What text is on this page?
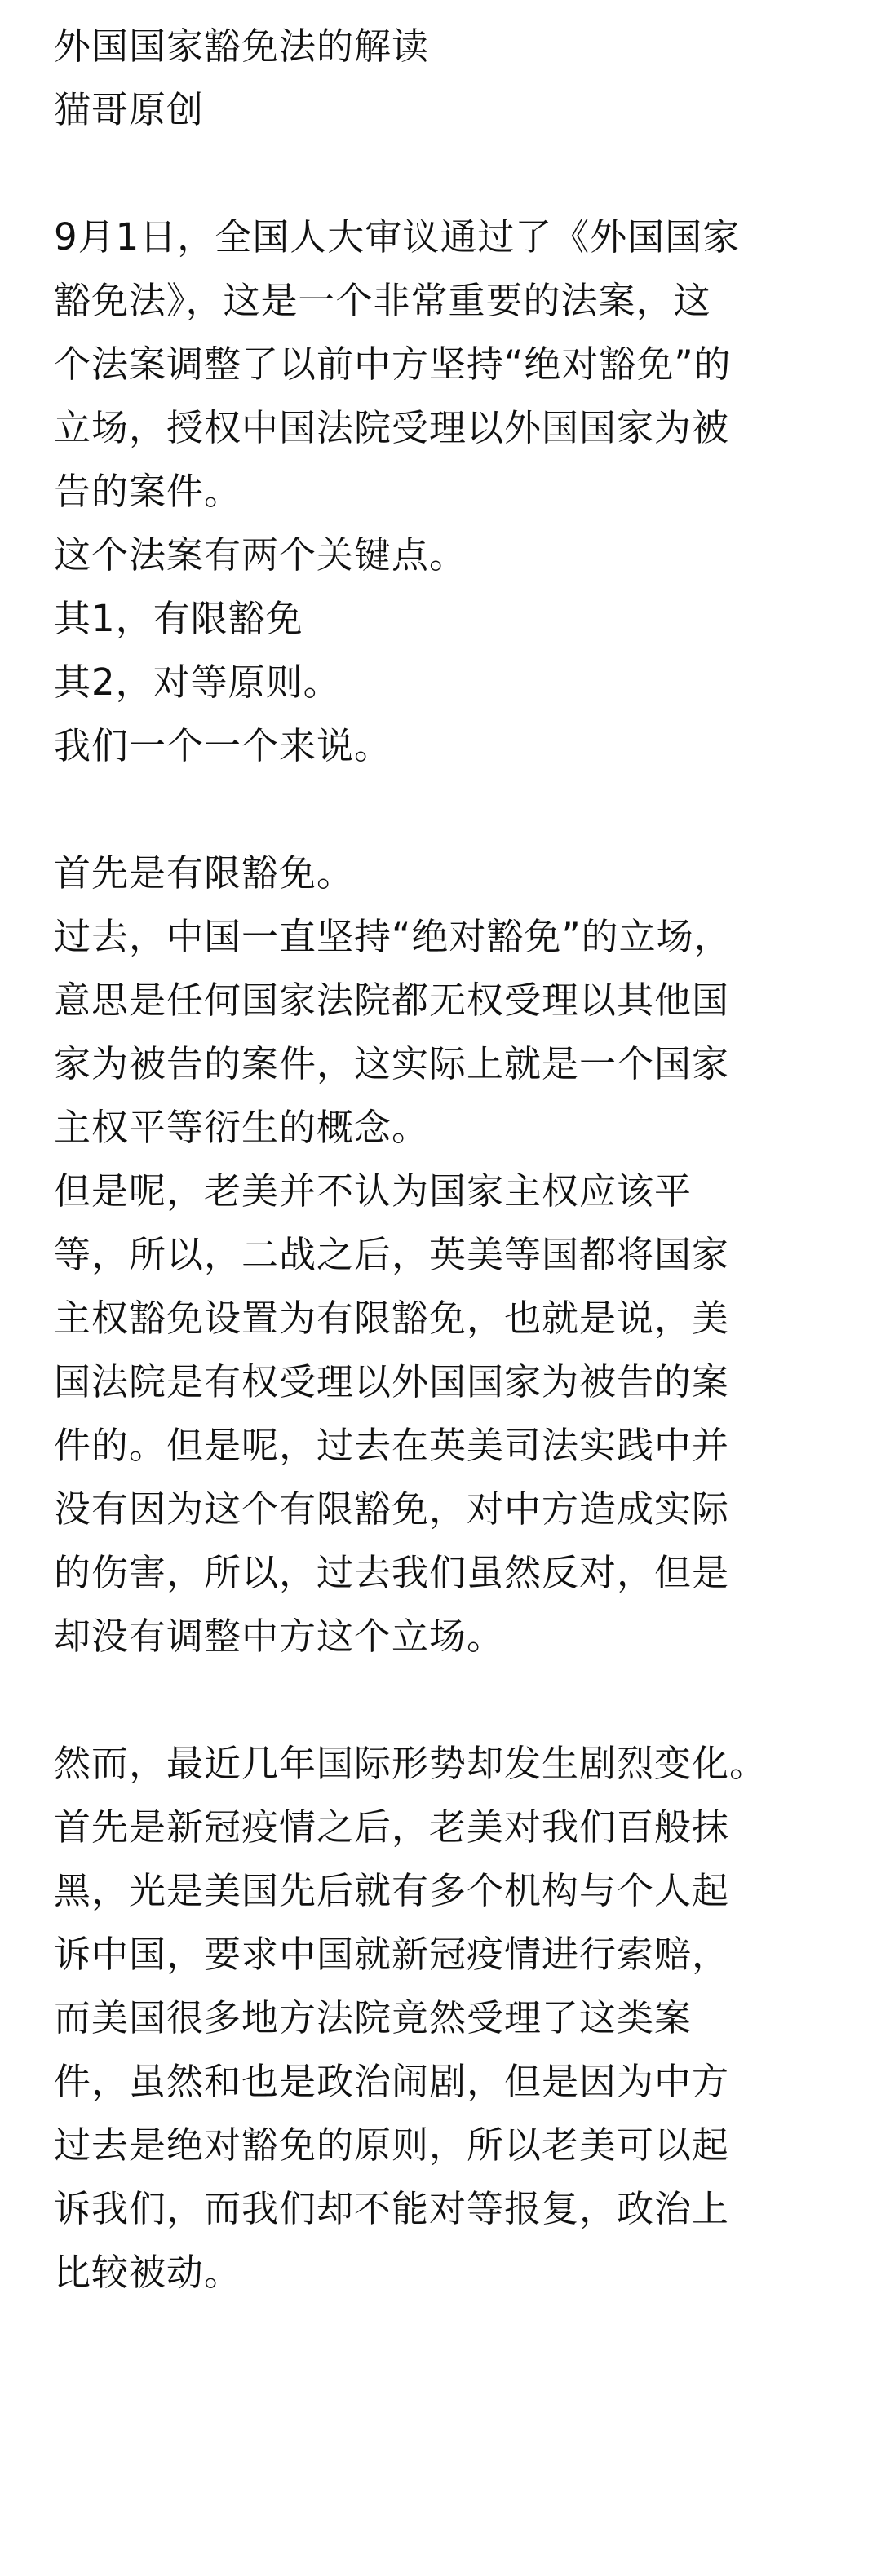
外国国家豁免法的解读
猫哥原创
9月1日，全国人大审议通过了《外国国家
豁免法》，这是一个非常重要的法案，这
个法案调整了以前中方坚持“绝对豁免”的
立场，授权中国法院受理以外国国家为被
告的案件。
这个法案有两个关键点。
其1，有限豁免
其2，对等原则。
我们一个一个来说。
首先是有限豁免。
过去，中国一直坚持“绝对豁免”的立场，
意思是任何国家法院都无权受理以其他国
家为被告的案件，这实际上就是一个国家
主权平等衍生的概念。
但是呢，老美并不认为国家主权应该平
等，所以，二战之后，英美等国都将国家
主权豁免设置为有限豁免，也就是说，美
国法院是有权受理以外国国家为被告的案
件的。但是呢，过去在英美司法实践中并
没有因为这个有限豁免，对中方造成实际
的伤害，所以，过去我们虽然反对，但是
却没有调整中方这个立场。
然而，最近几年国际形势却发生剧烈变化。
首先是新冠疫情之后，老美对我们百般抹
黑，光是美国先后就有多个机构与个人起
诉中国，要求中国就新冠疫情进行索赔，
而美国很多地方法院竟然受理了这类案
件，虽然和也是政治闹剧，但是因为中方
过去是绝对豁免的原则，所以老美可以起
诉我们，而我们却不能对等报复，政治上
比较被动。
